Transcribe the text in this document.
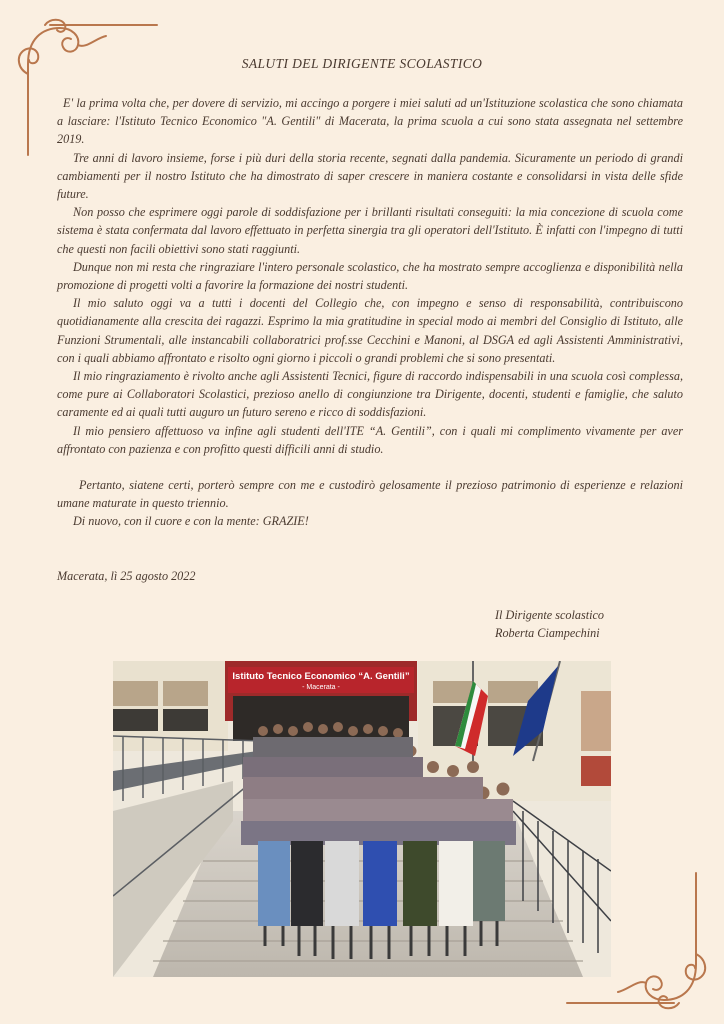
SALUTI DEL DIRIGENTE SCOLASTICO

E' la prima volta che, per dovere di servizio, mi accingo a porgere i miei saluti ad un'Istituzione scolastica che sono chiamata a lasciare: l'Istituto Tecnico Economico "A. Gentili" di Macerata, la prima scuola a cui sono stata assegnata nel settembre 2019.

Tre anni di lavoro insieme, forse i più duri della storia recente, segnati dalla pandemia. Sicuramente un periodo di grandi cambiamenti per il nostro Istituto che ha dimostrato di saper crescere in maniera costante e consolidarsi in vista delle sfide future.

Non posso che esprimere oggi parole di soddisfazione per i brillanti risultati conseguiti: la mia concezione di scuola come sistema è stata confermata dal lavoro effettuato in perfetta sinergia tra gli operatori dell'Istituto. È infatti con l'impegno di tutti che questi non facili obiettivi sono stati raggiunti.

Dunque non mi resta che ringraziare l'intero personale scolastico, che ha mostrato sempre accoglienza e disponibilità nella promozione di progetti volti a favorire la formazione dei nostri studenti.

Il mio saluto oggi va a tutti i docenti del Collegio che, con impegno e senso di responsabilità, contribuiscono quotidianamente alla crescita dei ragazzi. Esprimo la mia gratitudine in special modo ai membri del Consiglio di Istituto, alle Funzioni Strumentali, alle instancabili collaboratrici prof.sse Cecchini e Manoni, al DSGA ed agli Assistenti Amministrativi, con i quali abbiamo affrontato e risolto ogni giorno i piccoli o grandi problemi che si sono presentati.

Il mio ringraziamento è rivolto anche agli Assistenti Tecnici, figure di raccordo indispensabili in una scuola così complessa, come pure ai Collaboratori Scolastici, prezioso anello di congiunzione tra Dirigente, docenti, studenti e famiglie, che saluto caramente ed ai quali tutti auguro un futuro sereno e ricco di soddisfazioni.

Il mio pensiero affettuoso va infine agli studenti dell'ITE “A. Gentili”, con i quali mi complimento vivamente per aver affrontato con pazienza e con profitto questi difficili anni di studio.

Pertanto, siatene certi, porterò sempre con me e custodirò gelosamente il prezioso patrimonio di esperienze e relazioni umane maturate in questo triennio.

Di nuovo, con il cuore e con la mente: GRAZIE!

Macerata, lì 25 agosto 2022
Il Dirigente scolastico
Roberta Ciampechini
Istituto Tecnico Economico “A. Gentili”
- Macerata -
